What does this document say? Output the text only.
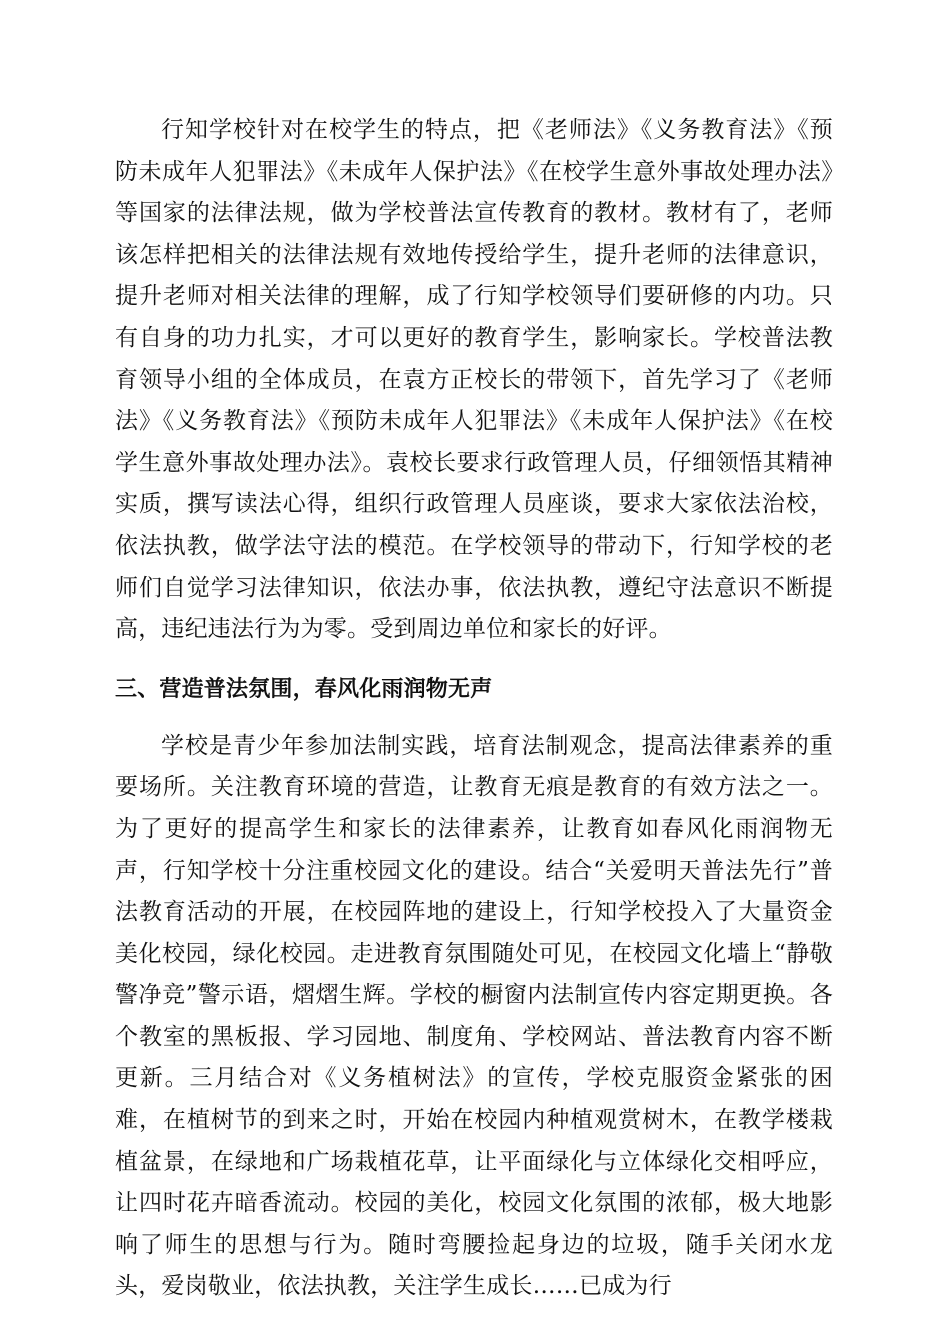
行知学校针对在校学生的特点，把《老师法》《义务教育法》《预防未成年人犯罪法》《未成年人保护法》《在校学生意外事故处理办法》等国家的法律法规，做为学校普法宣传教育的教材。教材有了，老师该怎样把相关的法律法规有效地传授给学生，提升老师的法律意识，提升老师对相关法律的理解，成了行知学校领导们要研修的内功。只有自身的功力扎实，才可以更好的教育学生，影响家长。学校普法教育领导小组的全体成员，在袁方正校长的带领下，首先学习了《老师法》《义务教育法》《预防未成年人犯罪法》《未成年人保护法》《在校学生意外事故处理办法》。袁校长要求行政管理人员，仔细领悟其精神实质，撰写读法心得，组织行政管理人员座谈，要求大家依法治校，依法执教，做学法守法的模范。在学校领导的带动下，行知学校的老师们自觉学习法律知识，依法办事，依法执教，遵纪守法意识不断提高，违纪违法行为为零。受到周边单位和家长的好评。

三、营造普法氛围，春风化雨润物无声

学校是青少年参加法制实践，培育法制观念，提高法律素养的重要场所。关注教育环境的营造，让教育无痕是教育的有效方法之一。为了更好的提高学生和家长的法律素养，让教育如春风化雨润物无声，行知学校十分注重校园文化的建设。结合“关爱明天普法先行”普法教育活动的开展，在校园阵地的建设上，行知学校投入了大量资金美化校园，绿化校园。走进教育氛围随处可见，在校园文化墙上“静敬警净竞”警示语，熠熠生辉。学校的橱窗内法制宣传内容定期更换。各个教室的黑板报、学习园地、制度角、学校网站、普法教育内容不断更新。三月结合对《义务植树法》的宣传，学校克服资金紧张的困难，在植树节的到来之时，开始在校园内种植观赏树木，在教学楼栽植盆景，在绿地和广场栽植花草，让平面绿化与立体绿化交相呼应，让四时花卉暗香流动。校园的美化，校园文化氛围的浓郁，极大地影响了师生的思想与行为。随时弯腰捡起身边的垃圾，随手关闭水龙头，爱岗敬业，依法执教，关注学生成长……已成为行
